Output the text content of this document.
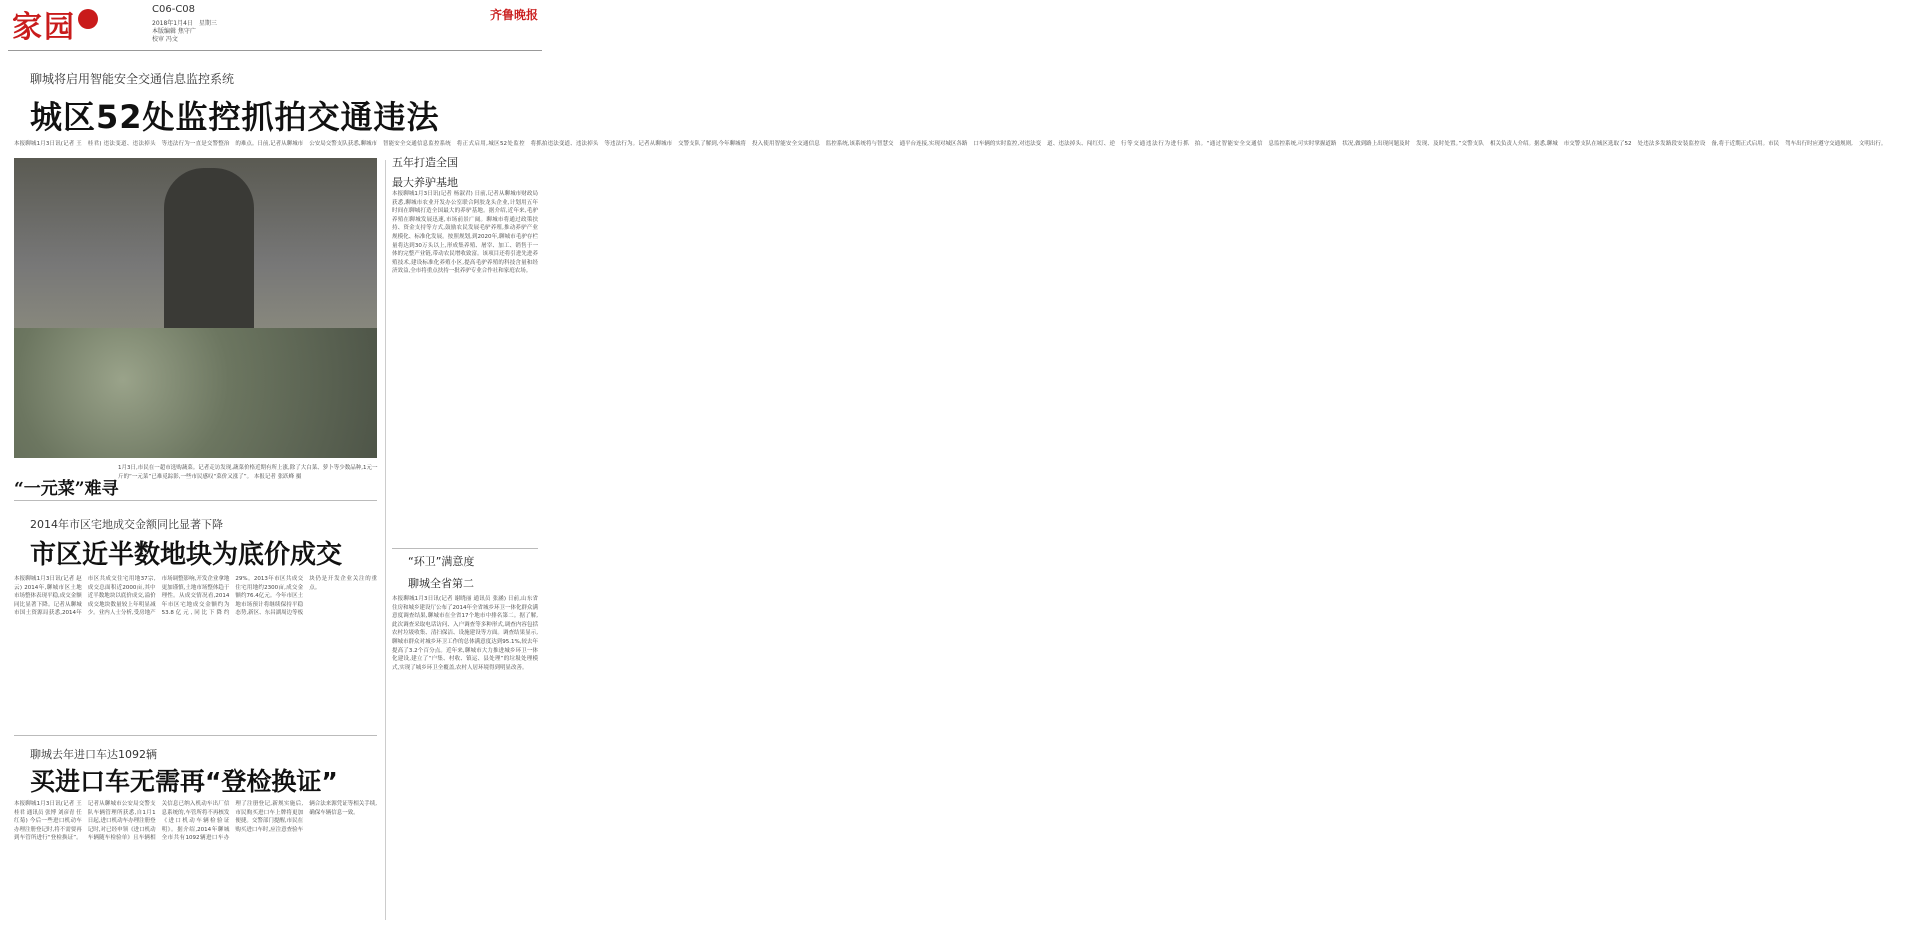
家园
C06-C08
2018年1月4日　星期三
本版编辑 焦守广
校审 冯文
齐鲁晚报
聊城将启用智能安全交通信息监控系统
城区52处监控抓拍交通违法
本报聊城1月3日讯(记者 王桂君) 违法变道、违法掉头等违法行为一直是交警整治的难点。日前,记者从聊城市公安局交警支队获悉,聊城市智能安全交通信息监控系统将正式启用,城区52处监控将抓拍违法变道、违法掉头等违法行为。记者从聊城市交警支队了解到,今年聊城将投入使用智能安全交通信息监控系统,该系统将与智慧交通平台连接,实现对城区各路口车辆的实时监控,对违法变道、违法掉头、闯红灯、逆行等交通违法行为进行抓拍。“通过智能安全交通信息监控系统,可实时掌握道路状况,做到路上出现问题及时发现、及时处置。”交警支队相关负责人介绍。据悉,聊城市交警支队在城区选取了52处违法多发路段安装监控设备,将于近期正式启用。市民驾车出行时应遵守交通规则,文明出行。
“一元菜”难寻
1月3日,市民在一超市选购蔬菜。记者走访发现,蔬菜价格近期有所上涨,除了大白菜、萝卜等少数品种,1元一斤的“一元菜”已难觅踪影,一些市民感叹“菜价又涨了”。 本报记者 张跃峰 摄
2014年市区宅地成交金额同比显著下降
市区近半数地块为底价成交
本报聊城1月3日讯(记者 赵云) 2014年,聊城市区土地市场整体表现平稳,成交金额同比显著下降。记者从聊城市国土资源局获悉,2014年市区共成交住宅用地37宗,成交总面积近2000亩,其中近半数地块以底价成交,溢价成交地块数量较上年明显减少。业内人士分析,受房地产市场调整影响,开发企业拿地更加谨慎,土地市场整体趋于理性。从成交情况看,2014年市区宅地成交金额约为53.8亿元,同比下降约29%。2013年市区共成交住宅用地约2300亩,成交金额约76.4亿元。今年市区土地市场预计将继续保持平稳态势,新区、东昌湖周边等板块仍是开发企业关注的重点。
聊城去年进口车达1092辆
买进口车无需再“登检换证”
本报聊城1月3日讯(记者 王桂君 通讯员 张博 刘彦青 任红菊) 今后一些进口机动车办理注册登记时,将不需要再到车管所进行“登检换证”。记者从聊城市公安局交警支队车辆管理所获悉,自1月1日起,进口机动车办理注册登记时,对已经申领《进口机动车辆随车检验单》且车辆相关信息已纳入机动车出厂信息系统的,车管所将不再核发《进口机动车辆检验证明》。据介绍,2014年聊城全市共有1092辆进口车办理了注册登记,新规实施后,市民购买进口车上牌将更加便捷。交警部门提醒,市民在购买进口车时,应注意查验车辆合法来源凭证等相关手续,确保车辆信息一致。
五年打造全国
最大养驴基地
本报聊城1月3日讯(记者 杨淑君) 日前,记者从聊城市财政局获悉,聊城市农业开发办公室联合阿胶龙头企业,计划用五年时间在聊城打造全国最大的养驴基地。据介绍,近年来,毛驴养殖在聊城发展迅速,市场前景广阔。聊城市将通过政策扶持、资金支持等方式,鼓励农民发展毛驴养殖,推动养驴产业规模化、标准化发展。按照规划,到2020年,聊城市毛驴存栏量将达到30万头以上,形成集养殖、屠宰、加工、销售于一体的完整产业链,带动农民增收致富。该项目还将引进先进养殖技术,建设标准化养殖小区,提高毛驴养殖的科技含量和经济效益,全市将重点扶持一批养驴专业合作社和家庭农场。
“环卫”满意度
聊城全省第二
本报聊城1月3日讯(记者 谢晓丽 通讯员 张涵) 日前,山东省住房和城乡建设厅公布了2014年全省城乡环卫一体化群众满意度调查结果,聊城市在全省17个地市中排名第二。据了解,此次调查采取电话访问、入户调查等多种形式,调查内容包括农村垃圾收集、清扫保洁、设施建设等方面。调查结果显示,聊城市群众对城乡环卫工作的总体满意度达到95.1%,较去年提高了3.2个百分点。近年来,聊城市大力推进城乡环卫一体化建设,建立了“户集、村收、镇运、县处理”的垃圾处理模式,实现了城乡环卫全覆盖,农村人居环境得到明显改善。
